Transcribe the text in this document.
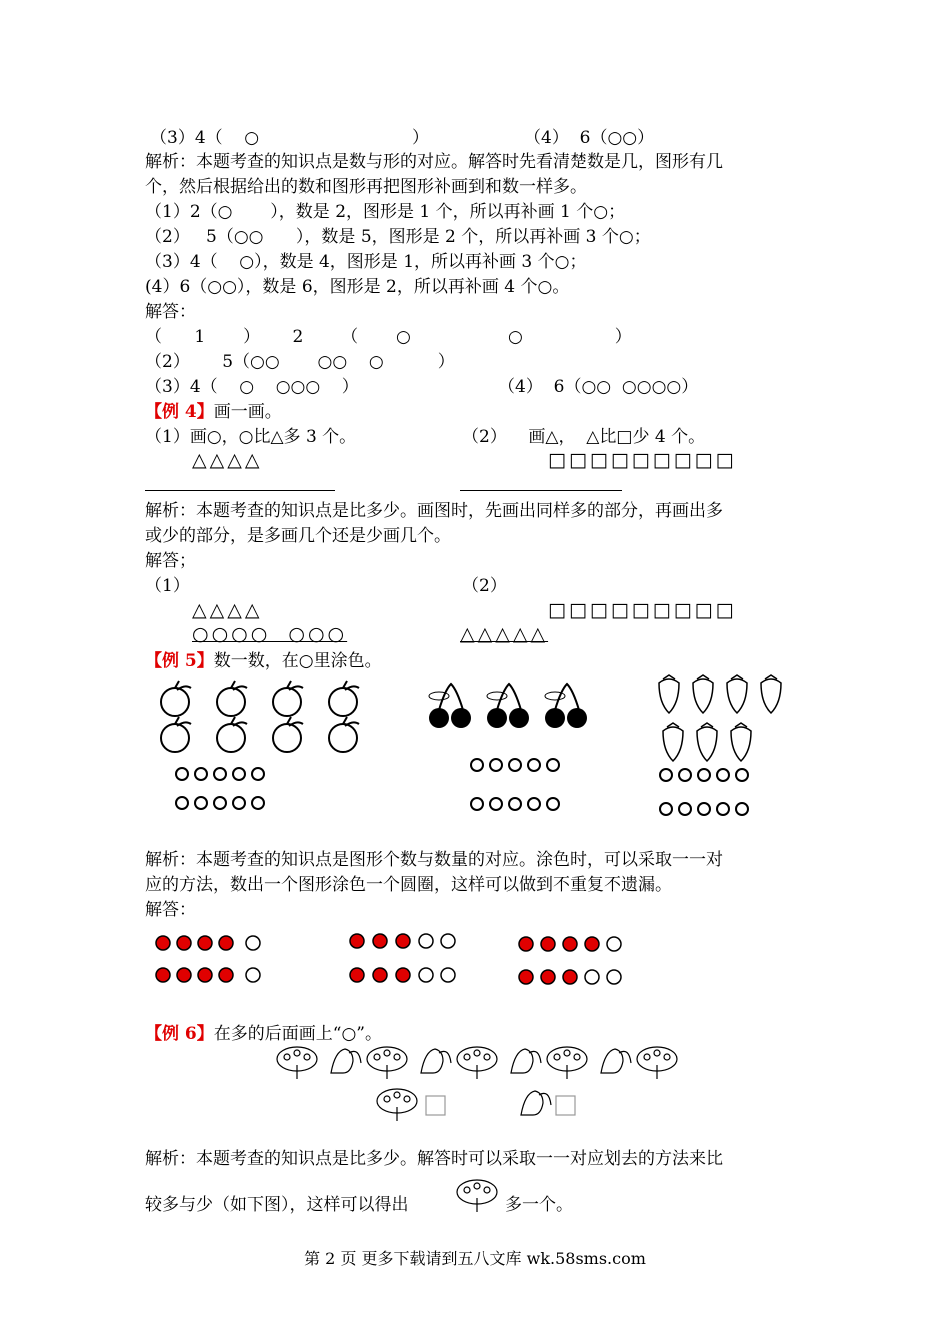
（3）4（    ○	）	（4）  6（○○）
解析：本题考查的知识点是数与形的对应。解答时先看清楚数是几，图形有几
个，然后根据给出的数和图形再把图形补画到和数一样多。
（1）2（○       ），数是 2，图形是 1 个，所以再补画 1 个○；
（2）   5（○○      ），数是 5，图形是 2 个，所以再补画 3 个○；
（3）4（    ○），数是 4，图形是 1，所以再补画 3 个○；
(4）6（○○），数是 6，图形是 2，所以再补画 4 个○。
解答：
（      1       ）      2       （       ○                  ○                 ）
（2）      5（○○       ○○    ○          ）
（3）4（    ○    ○○○    ）	（4）  6（○○  ○○○○）
【例 4】画一画。
（1）画○，○比△多 3 个。	（2）    画△，  △比□少 4 个。
△△△△	□□□□□□□□□
解析：本题考查的知识点是比多少。画图时，先画出同样多的部分，再画出多
或少的部分，是多画几个还是少画几个。
解答；
（1）	（2）
△△△△	□□□□□□□□□
○○○○  ○○○	△△△△△
【例 5】数一数，在○里涂色。
解析：本题考查的知识点是图形个数与数量的对应。涂色时，可以采取一一对
应的方法，数出一个图形涂色一个圆圈，这样可以做到不重复不遗漏。
解答：
【例 6】在多的后面画上“○”。
解析：本题考查的知识点是比多少。解答时可以采取一一对应划去的方法来比
较多与少（如下图），这样可以得出	多一个。
第 2 页 更多下载请到五八文库 wk.58sms.com
